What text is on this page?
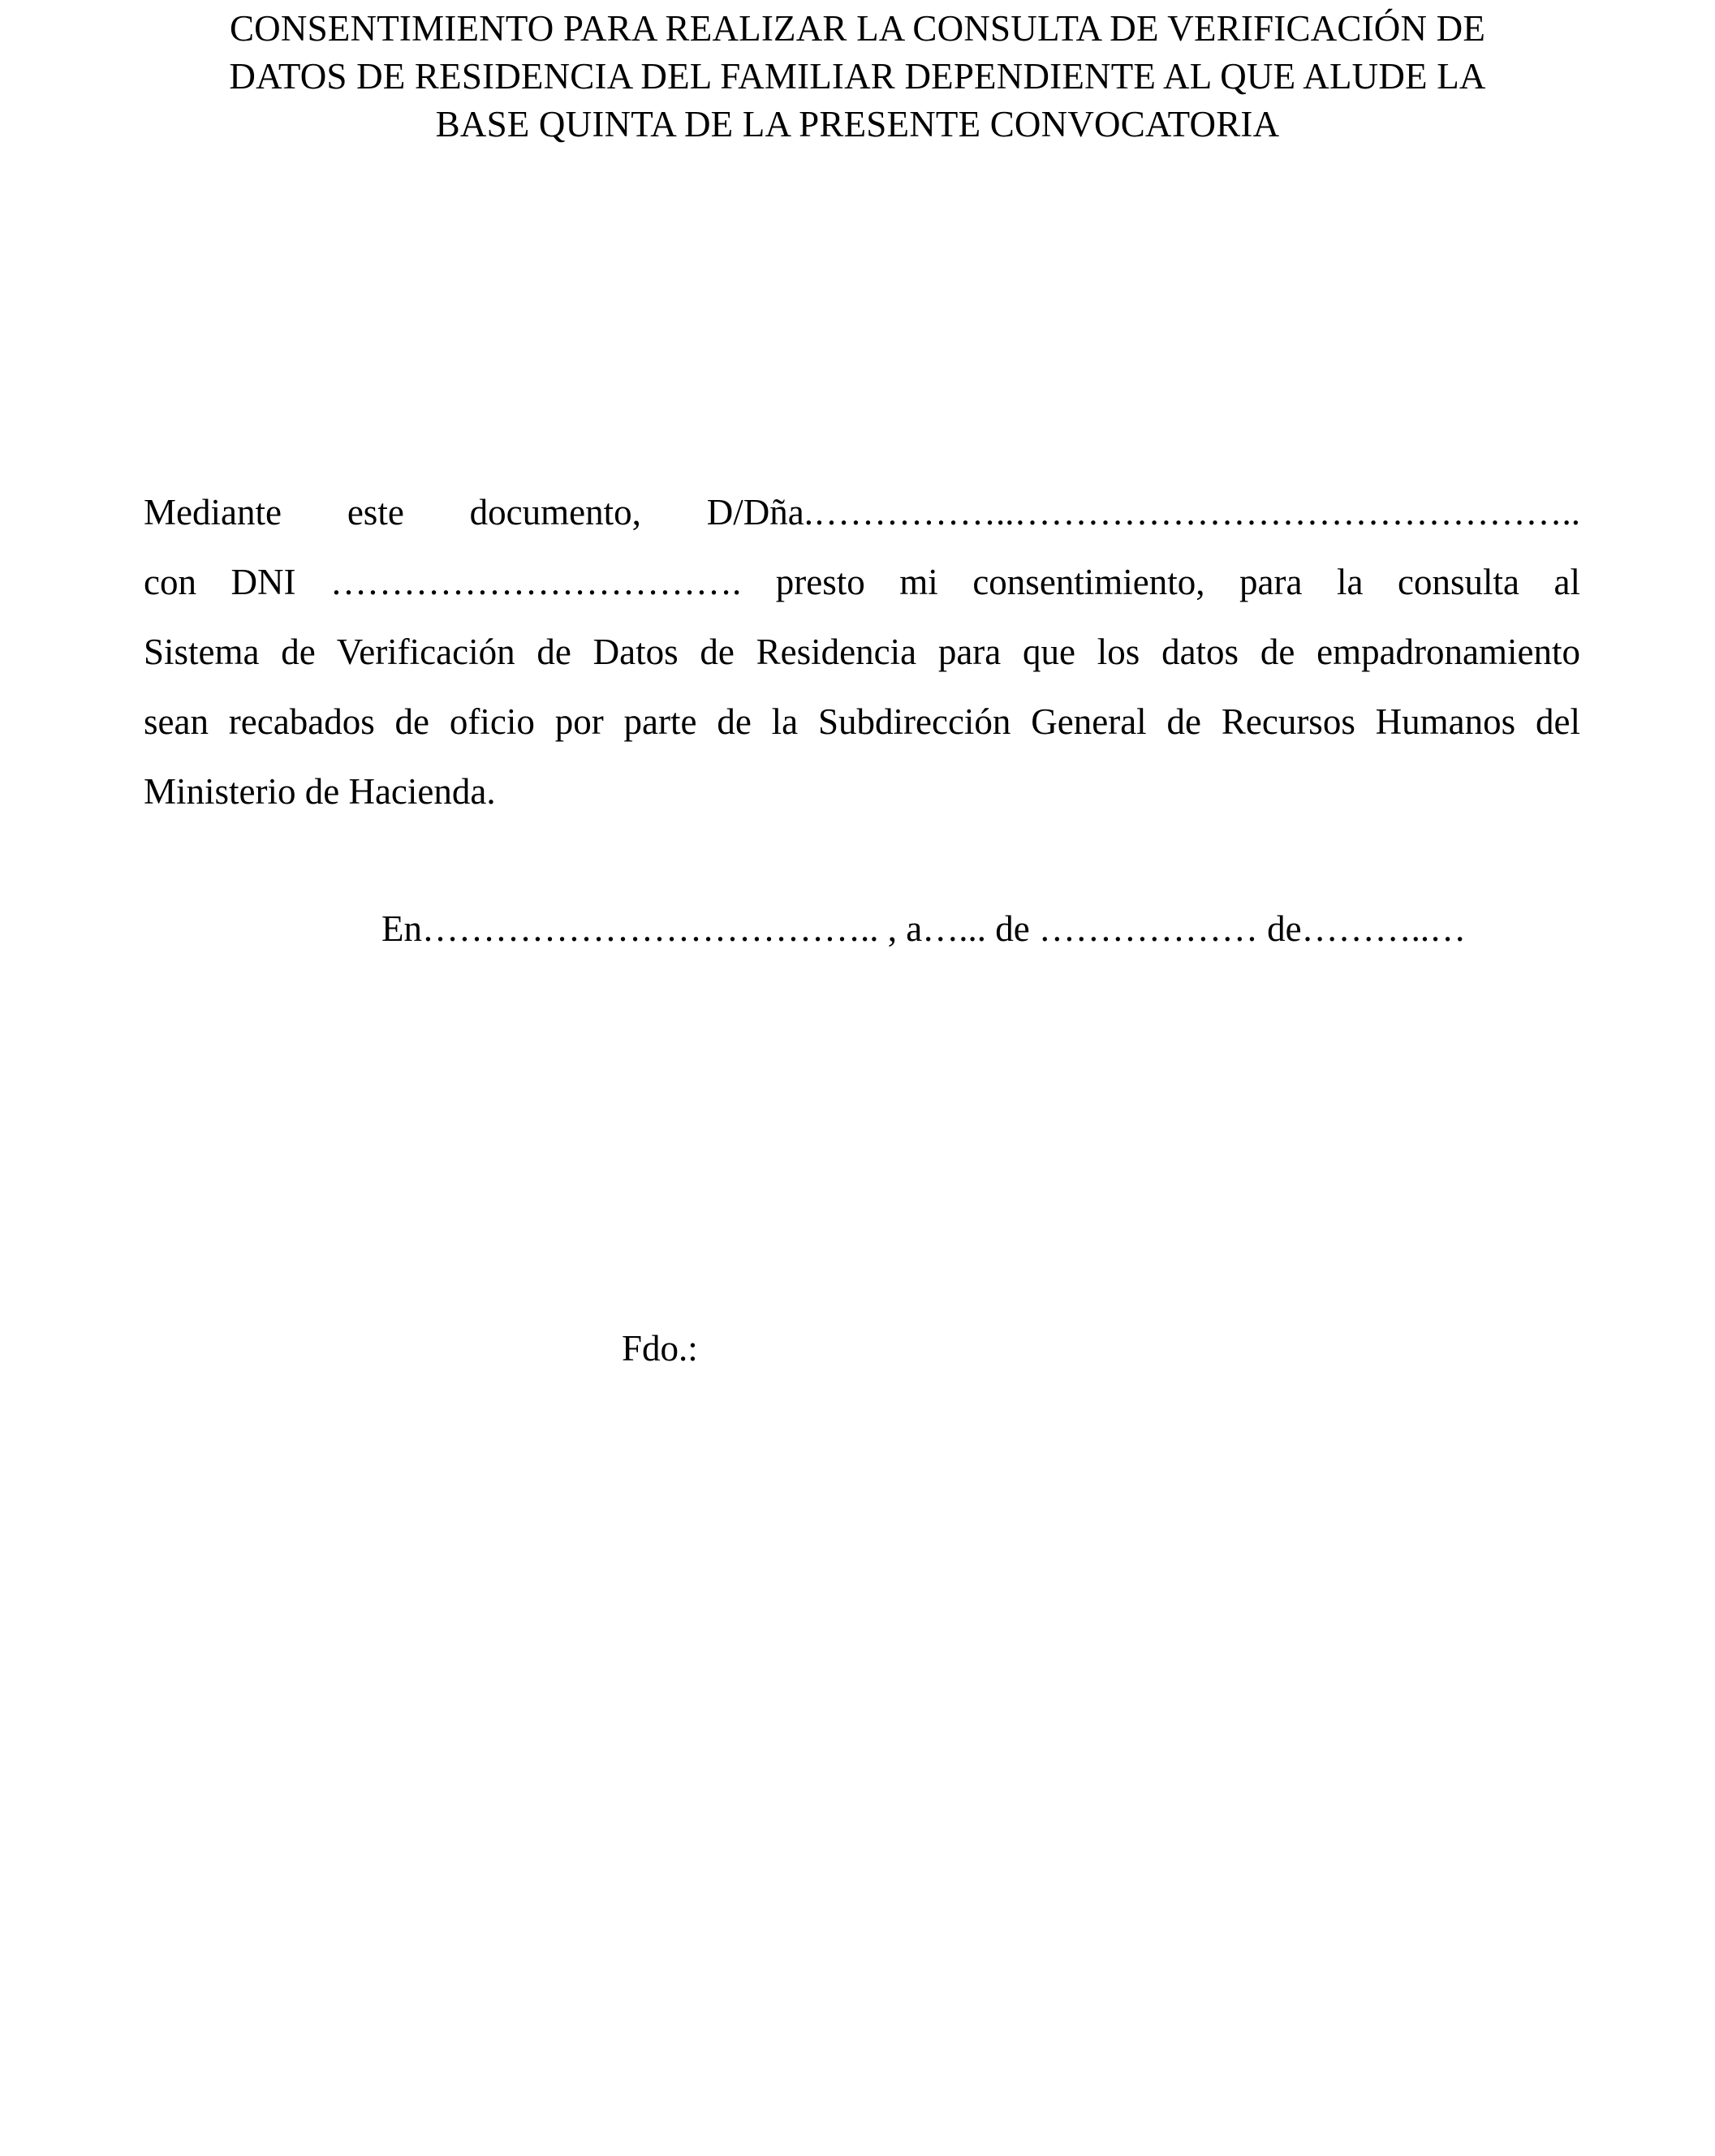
CONSENTIMIENTO PARA REALIZAR LA CONSULTA DE VERIFICACIÓN DE
DATOS DE RESIDENCIA DEL FAMILIAR DEPENDIENTE AL QUE ALUDE LA
BASE QUINTA DE LA PRESENTE CONVOCATORIA
Mediante este documento, D/Dña.……………..………………………………………..
con DNI ……………………………. presto mi consentimiento, para la consulta al
Sistema de Verificación de Datos de Residencia para que los datos de empadronamiento
sean recabados de oficio por parte de la Subdirección General de Recursos Humanos del
Ministerio de Hacienda.
En……………………………….. , a…... de ……………… de………..…
Fdo.:
